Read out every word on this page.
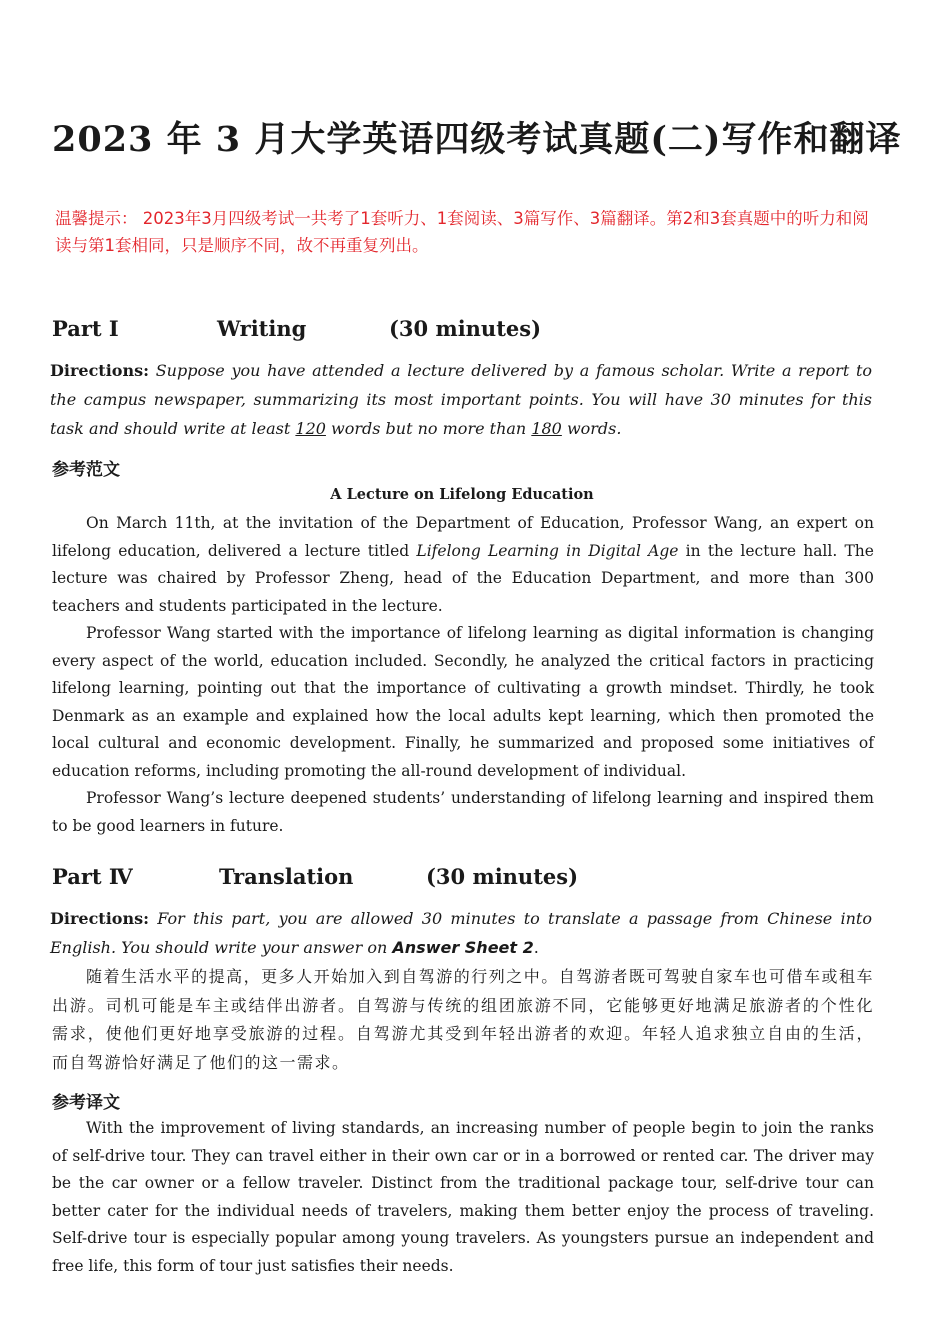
2023 年 3 月大学英语四级考试真题(二)写作和翻译
温馨提示： 2023年3月四级考试一共考了1套听力、1套阅读、3篇写作、3篇翻译。第2和3套真题中的听力和阅读与第1套相同，只是顺序不同，故不再重复列出。
Part Ⅰ	Writing	(30 minutes)
Directions: Suppose you have attended a lecture delivered by a famous scholar. Write a report to the campus newspaper, summarizing its most important points. You will have 30 minutes for this task and should write at least 120 words but no more than 180 words.
参考范文
A Lecture on Lifelong Education

On March 11th, at the invitation of the Department of Education, Professor Wang, an expert on lifelong education, delivered a lecture titled Lifelong Learning in Digital Age in the lecture hall. The lecture was chaired by Professor Zheng, head of the Education Department, and more than 300 teachers and students participated in the lecture.

Professor Wang started with the importance of lifelong learning as digital information is changing every aspect of the world, education included. Secondly, he analyzed the critical factors in practicing lifelong learning, pointing out that the importance of cultivating a growth mindset. Thirdly, he took Denmark as an example and explained how the local adults kept learning, which then promoted the local cultural and economic development. Finally, he summarized and proposed some initiatives of education reforms, including promoting the all-round development of individual.

Professor Wang’s lecture deepened students’ understanding of lifelong learning and inspired them to be good learners in future.

Part Ⅳ	Translation	(30 minutes)
Directions: For this part, you are allowed 30 minutes to translate a passage from Chinese into English. You should write your answer on Answer Sheet 2.

随着生活水平的提高，更多人开始加入到自驾游的行列之中。自驾游者既可驾驶自家车也可借车或租车出游。司机可能是车主或结伴出游者。自驾游与传统的组团旅游不同，它能够更好地满足旅游者的个性化需求，使他们更好地享受旅游的过程。自驾游尤其受到年轻出游者的欢迎。年轻人追求独立自由的生活，而自驾游恰好满足了他们的这一需求。

参考译文

With the improvement of living standards, an increasing number of people begin to join the ranks of self-drive tour. They can travel either in their own car or in a borrowed or rented car. The driver may be the car owner or a fellow traveler. Distinct from the traditional package tour, self-drive tour can better cater for the individual needs of travelers, making them better enjoy the process of traveling. Self-drive tour is especially popular among young travelers. As youngsters pursue an independent and free life, this form of tour just satisfies their needs.
